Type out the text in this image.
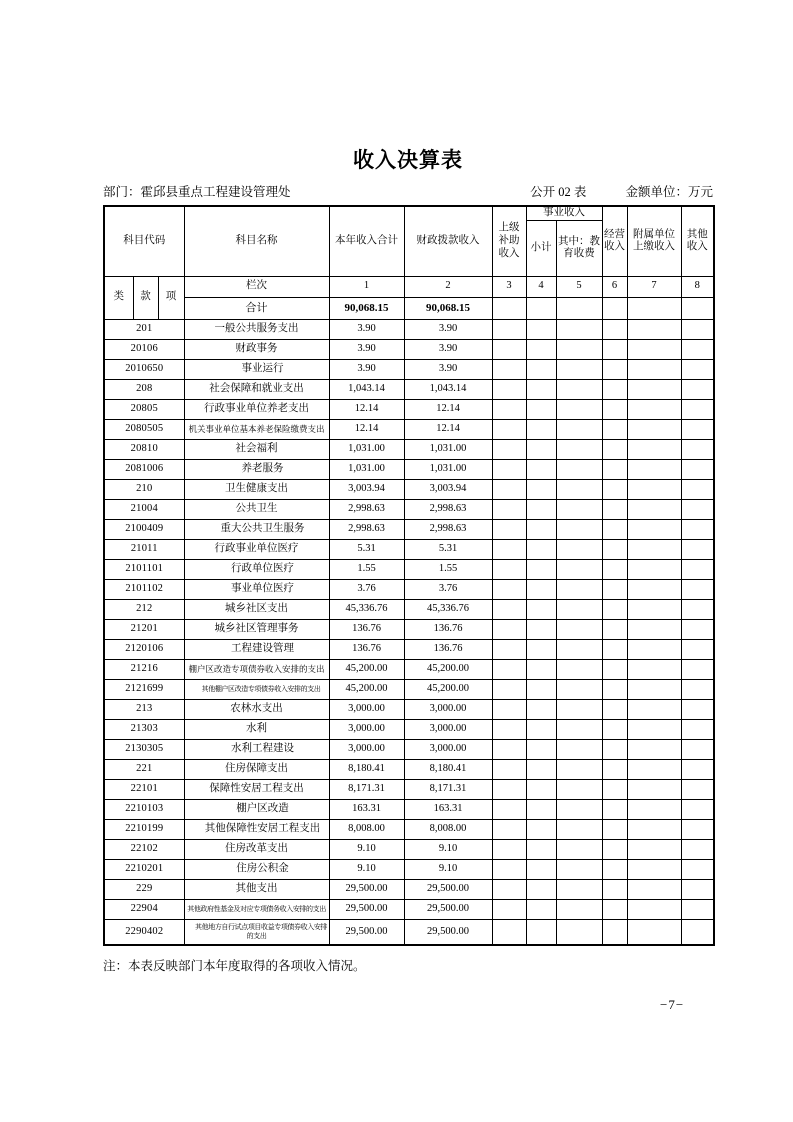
收入决算表
部门：霍邱县重点工程建设管理处	公开 02 表	金额单位：万元
科目代码			科目名称	本年收入合计	财政拨款收入	上级补助收入	事业收入		经营收入	附属单位上缴收入	其他收入
							小计	其中：教育收费			
类	款	项	栏次	1	2	3	4	5	6	7	8
			合计	90,068.15	90,068.15						
201			一般公共服务支出	3.90	3.90						
20106			财政事务	3.90	3.90						
2010650			事业运行	3.90	3.90						
208			社会保障和就业支出	1,043.14	1,043.14						
20805			行政事业单位养老支出	12.14	12.14						
2080505			机关事业单位基本养老保险缴费支出	12.14	12.14						
20810			社会福利	1,031.00	1,031.00						
2081006			养老服务	1,031.00	1,031.00						
210			卫生健康支出	3,003.94	3,003.94						
21004			公共卫生	2,998.63	2,998.63						
2100409			重大公共卫生服务	2,998.63	2,998.63						
21011			行政事业单位医疗	5.31	5.31						
2101101			行政单位医疗	1.55	1.55						
2101102			事业单位医疗	3.76	3.76						
212			城乡社区支出	45,336.76	45,336.76						
21201			城乡社区管理事务	136.76	136.76						
2120106			工程建设管理	136.76	136.76						
21216			棚户区改造专项债券收入安排的支出	45,200.00	45,200.00						
2121699			其他棚户区改造专项债券收入安排的支出	45,200.00	45,200.00						
213			农林水支出	3,000.00	3,000.00						
21303			水利	3,000.00	3,000.00						
2130305			水利工程建设	3,000.00	3,000.00						
221			住房保障支出	8,180.41	8,180.41						
22101			保障性安居工程支出	8,171.31	8,171.31						
2210103			棚户区改造	163.31	163.31						
2210199			其他保障性安居工程支出	8,008.00	8,008.00						
22102			住房改革支出	9.10	9.10						
2210201			住房公积金	9.10	9.10						
229			其他支出	29,500.00	29,500.00						
22904			其他政府性基金及对应专项债务收入安排的支出	29,500.00	29,500.00						
2290402			其他地方自行试点项目收益专项债券收入安排的支出	29,500.00	29,500.00						
注：本表反映部门本年度取得的各项收入情况。
−7−
